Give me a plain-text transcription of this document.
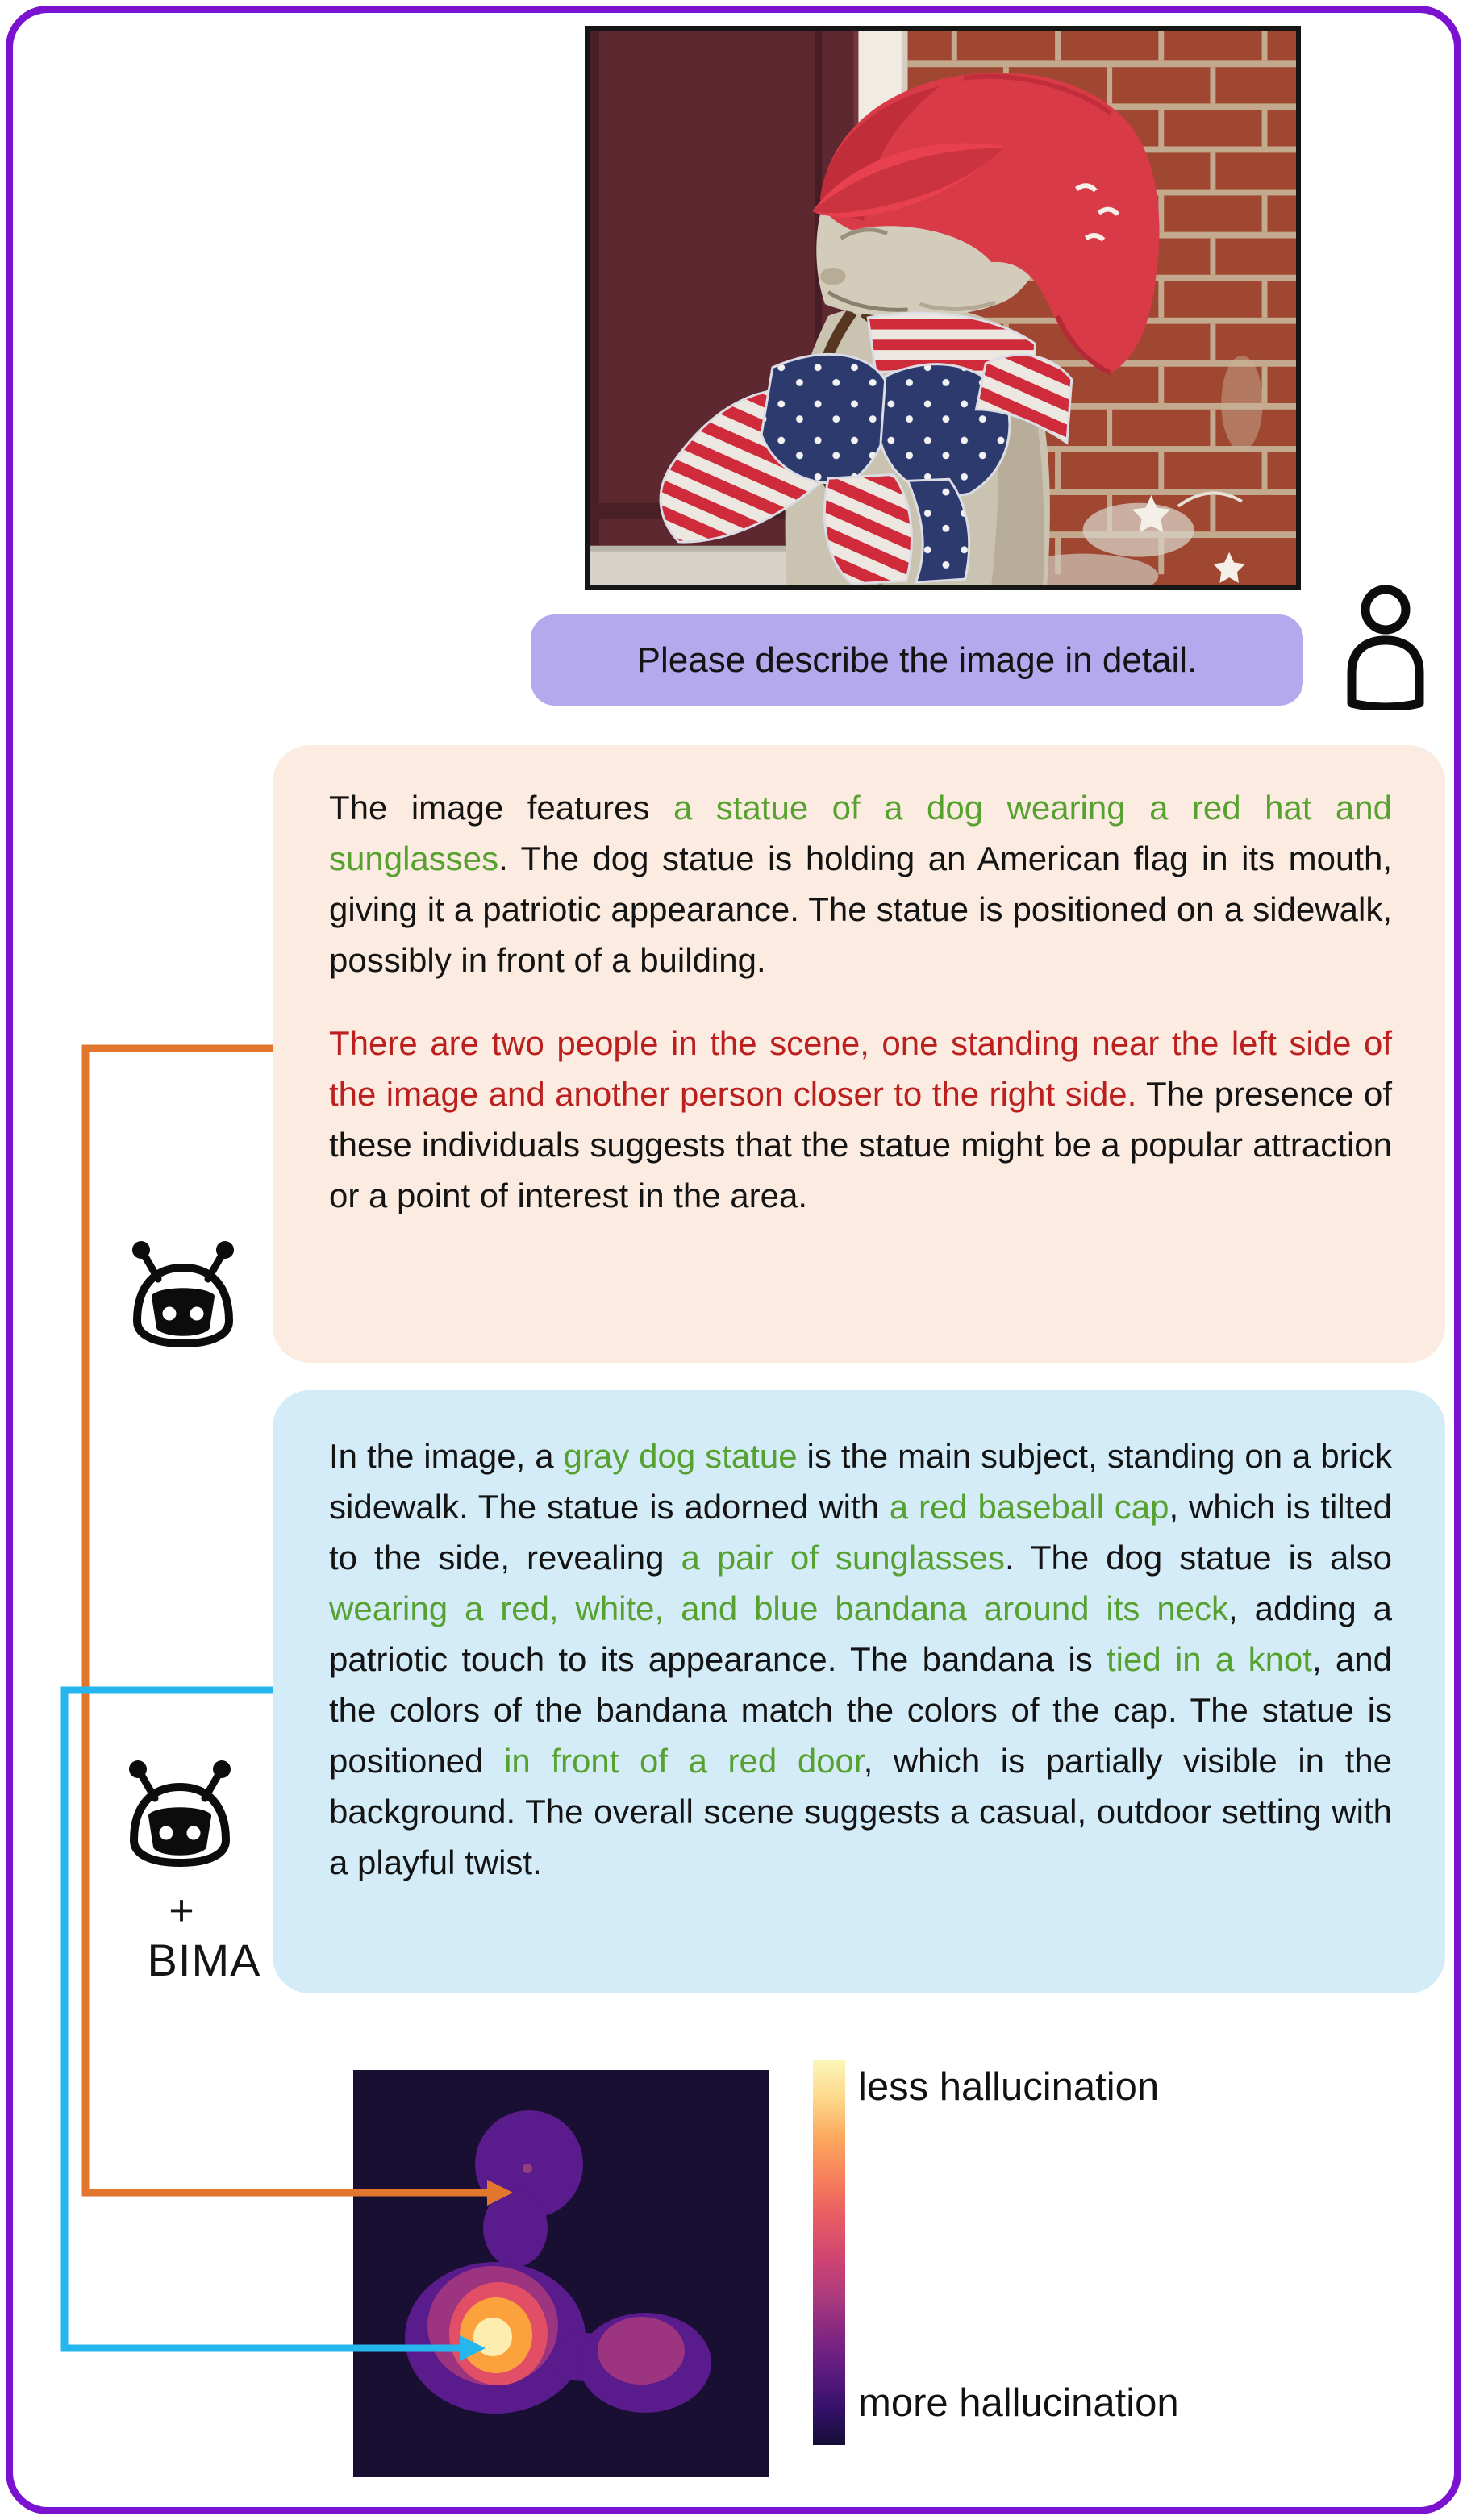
Please describe the image in detail.

The image features a statue of a dog wearing a red hat and sunglasses. The dog statue is holding an American flag in its mouth, giving it a patriotic appearance. The statue is positioned on a sidewalk, possibly in front of a building.

There are two people in the scene, one standing near the left side of the image and another person closer to the right side. The presence of these individuals suggests that the statue might be a popular attraction or a point of interest in the area.

In the image, a gray dog statue is the main subject, standing on a brick sidewalk. The statue is adorned with a red baseball cap, which is tilted to the side, revealing a pair of sunglasses. The dog statue is also wearing a red, white, and blue bandana around its neck, adding a patriotic touch to its appearance. The bandana is tied in a knot, and the colors of the bandana match the colors of the cap. The statue is positioned in front of a red door, which is partially visible in the background. The overall scene suggests a casual, outdoor setting with a playful twist.

+
BIMA
less hallucination
more hallucination
